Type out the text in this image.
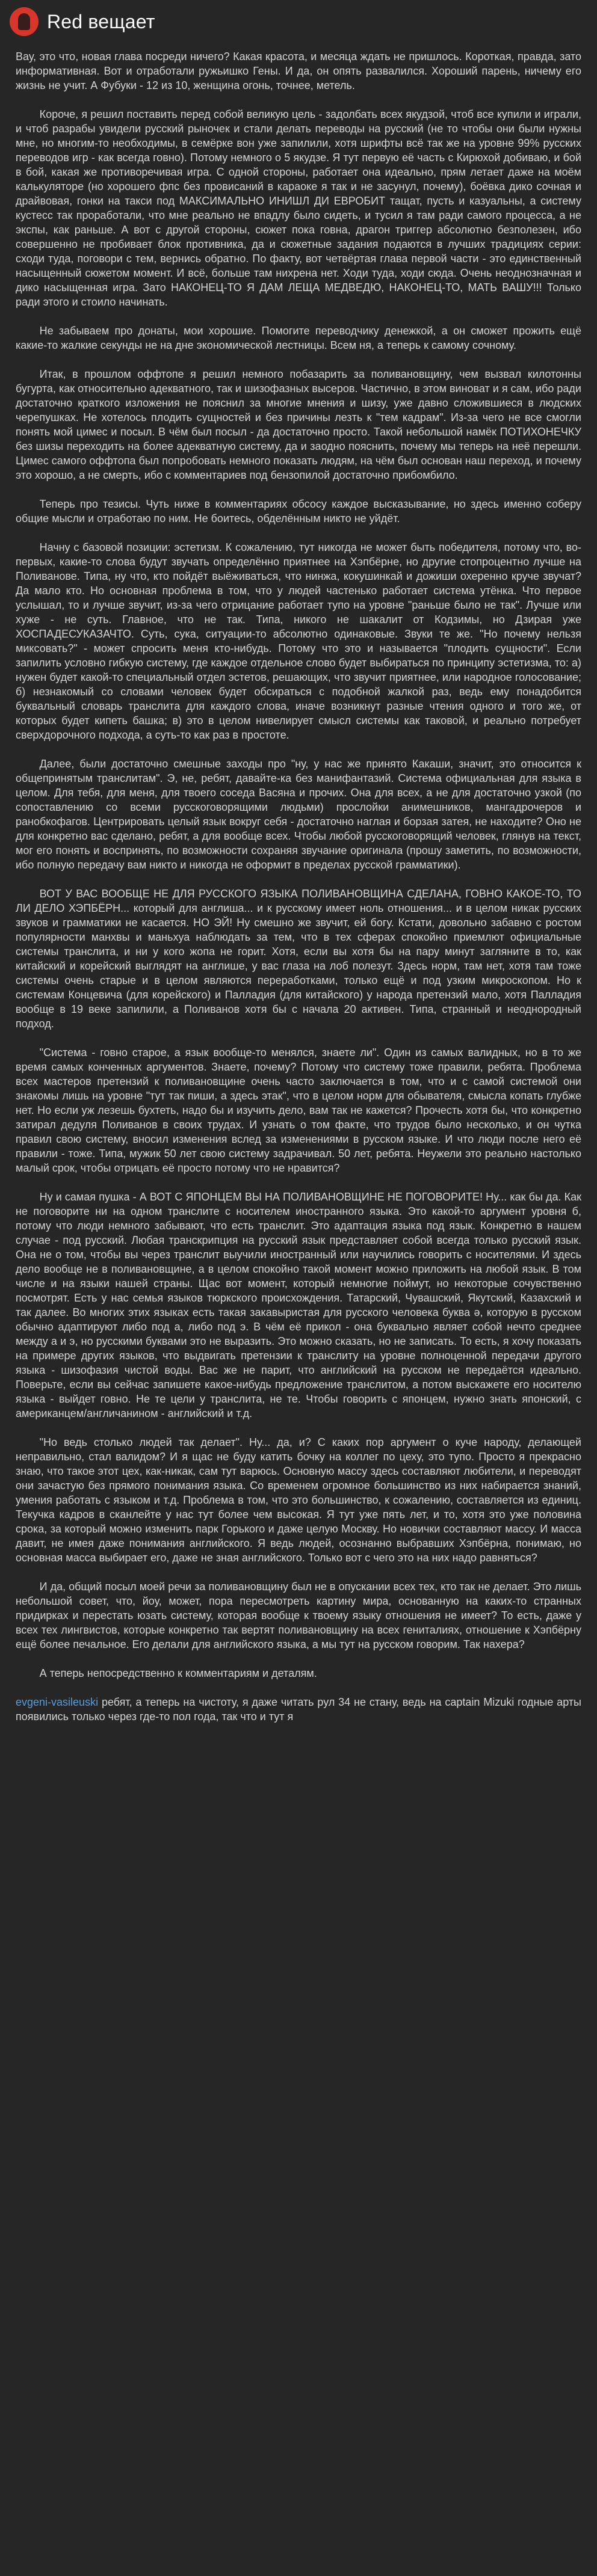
Red вещает

Вау, это что, новая глава посреди ничего? Какая красота, и месяца ждать не пришлось. Короткая, правда, зато информативная. Вот и отработали ружьишко Гены. И да, он опять развалился. Хороший парень, ничему его жизнь не учит. А Фубуки - 12 из 10, женщина огонь, точнее, метель.

Короче, я решил поставить перед собой великую цель - задолбать всех якудзой, чтоб все купили и играли, и чтоб разрабы увидели русский рыночек и стали делать переводы на русский (не то чтобы они были нужны мне, но многим-то необходимы, в семёрке вон уже запилили, хотя шрифты всё так же на уровне 99% русских переводов игр - как всегда говно). Потому немного о 5 якудзе. Я тут первую её часть с Кирюхой добиваю, и бой в бой, какая же противоречивая игра. С одной стороны, работает она идеально, прям летает даже на моём калькуляторе (но хорошего фпс без провисаний в караоке я так и не засунул, почему), боёвка дико сочная и драйвовая, гонки на такси под МАКСИМАЛЬНО ИНИШЛ ДИ ЕВРОБИТ тащат, пусть и казуальны, а систему кустесс так проработали, что мне реально не впадлу было сидеть, и тусил я там ради самого процесса, а не экспы, как раньше. А вот с другой стороны, сюжет пока говна, драгон триггер абсолютно безполезен, ибо совершенно не пробивает блок противника, да и сюжетные задания подаются в лучших традициях серии: сходи туда, поговори с тем, вернись обратно. По факту, вот четвёртая глава первой части - это единственный насыщенный сюжетом момент. И всё, больше там нихрена нет. Ходи туда, ходи сюда. Очень неоднозначная и дико насыщенная игра. Зато НАКОНЕЦ-ТО Я ДАМ ЛЕЩА МЕДВЕДЮ, НАКОНЕЦ-ТО, МАТЬ ВАШУ!!! Только ради этого и стоило начинать.

Не забываем про донаты, мои хорошие. Помогите переводчику денежкой, а он сможет прожить ещё какие-то жалкие секунды не на дне экономической лестницы. Всем ня, а теперь к самому сочному.

Итак, в прошлом оффтопе я решил немного побазарить за поливановщину, чем вызвал килотонны бугурта, как относительно адекватного, так и шизофазных высеров. Частично, в этом виноват и я сам, ибо ради достаточно краткого изложения не пояснил за многие мнения и шизу, уже давно сложившиеся в людских черепушках. Не хотелось плодить сущностей и без причины лезть к "тем кадрам". Из-за чего не все смогли понять мой цимес и посыл. В чём был посыл - да достаточно просто. Такой небольшой намёк ПОТИХОНЕЧКУ без шизы переходить на более адекватную систему, да и заодно пояснить, почему мы теперь на неё перешли. Цимес самого оффтопа был попробовать немного показать людям, на чём был основан наш переход, и почему это хорошо, а не смерть, ибо с комментариев под бензопилой достаточно прибомбило.

Теперь про тезисы. Чуть ниже в комментариях обсосу каждое высказывание, но здесь именно соберу общие мысли и отработаю по ним. Не боитесь, обделённым никто не уйдёт.

Начну с базовой позиции: эстетизм. К сожалению, тут никогда не может быть победителя, потому что, во-первых, какие-то слова будут звучать определённо приятнее на Хэпбёрне, но другие стопроцентно лучше на Поливанове. Типа, ну что, кто пойдёт выёживаться, что нинжа, кокушинкай и дожиши охеренно круче звучат? Да мало кто. Но основная проблема в том, что у людей частенько работает система утёнка. Что первое услышал, то и лучше звучит, из-за чего отрицание работает тупо на уровне "раньше было не так". Лучше или хуже - не суть. Главное, что не так. Типа, никого не шакалит от Кодзимы, но Дзирая уже ХОСПАДЕСУКАЗАЧТО. Суть, сука, ситуации-то абсолютно одинаковые. Звуки те же. "Но почему нельзя миксовать?" - может спросить меня кто-нибудь. Потому что это и называется "плодить сущности". Если запилить условно гибкую систему, где каждое отдельное слово будет выбираться по принципу эстетизма, то: а) нужен будет какой-то специальный отдел эстетов, решающих, что звучит приятнее, или народное голосование; б) незнакомый со словами человек будет обсираться с подобной жалкой раз, ведь ему понадобится буквальный словарь транслита для каждого слова, иначе возникнут разные чтения одного и того же, от которых будет кипеть башка; в) это в целом нивелирует смысл системы как таковой, и реально потребует сверхдорочного подхода, а суть-то как раз в простоте.

Далее, были достаточно смешные заходы про "ну, у нас же принято Какаши, значит, это относится к общепринятым транслитам". Э, не, ребят, давайте-ка без манифантазий. Система официальная для языка в целом. Для тебя, для меня, для твоего соседа Васяна и прочих. Она для всех, а не для достаточно узкой (по сопоставлению со всеми русскоговорящими людьми) прослойки анимешников, мангадрочеров и ранобкофагов. Центрировать целый язык вокруг себя - достаточно наглая и борзая затея, не находите? Оно не для конкретно вас сделано, ребят, а для вообще всех. Чтобы любой русскоговорящий человек, глянув на текст, мог его понять и воспринять, по возможности сохраняя звучание оригинала (прошу заметить, по возможности, ибо полную передачу вам никто и никогда не оформит в пределах русской грамматики).

ВОТ У ВАС ВООБЩЕ НЕ ДЛЯ РУССКОГО ЯЗЫКА ПОЛИВАНОВЩИНА СДЕЛАНА, ГОВНО КАКОЕ-ТО, ТО ЛИ ДЕЛО ХЭПБЁРН... который для англиша... и к русскому имеет ноль отношения... и в целом никак русских звуков и грамматики не касается. НО ЭЙ! Ну смешно же звучит, ей богу. Кстати, довольно забавно с ростом популярности манхвы и маньхуа наблюдать за тем, что в тех сферах спокойно приемлют официальные системы транслита, и ни у кого жопа не горит. Хотя, если вы хотя бы на пару минут загляните в то, как китайский и корейский выглядят на англише, у вас глаза на лоб полезут. Здесь норм, там нет, хотя там тоже системы очень старые и в целом являются переработками, только ещё и под узким микроскопом. Но к системам Концевича (для корейского) и Палладия (для китайского) у народа претензий мало, хотя Палладия вообще в 19 веке запилили, а Поливанов хотя бы с начала 20 активен. Типа, странный и неоднородный подход.

"Система - говно старое, а язык вообще-то менялся, знаете ли". Один из самых валидных, но в то же время самых конченных аргументов. Знаете, почему? Потому что систему тоже правили, ребята. Проблема всех мастеров претензий к поливановщине очень часто заключается в том, что и с самой системой они знакомы лишь на уровне "тут так пиши, а здесь этак", что в целом норм для обывателя, смысла копать глубже нет. Но если уж лезешь бухтеть, надо бы и изучить дело, вам так не кажется? Прочесть хотя бы, что конкретно затирал дедуля Поливанов в своих трудах. И узнать о том факте, что трудов было несколько, и он чутка правил свою систему, вносил изменения вслед за изменениями в русском языке. И что люди после него её правили - тоже. Типа, мужик 50 лет свою систему задрачивал. 50 лет, ребята. Неужели это реально настолько малый срок, чтобы отрицать её просто потому что не нравится?

Ну и самая пушка - А ВОТ С ЯПОНЦЕМ ВЫ НА ПОЛИВАНОВЩИНЕ НЕ ПОГОВОРИТЕ! Ну... как бы да. Как не поговорите ни на одном транслите с носителем иностранного языка. Это какой-то аргумент уровня б, потому что люди немного забывают, что есть транслит. Это адаптация языка под язык. Конкретно в нашем случае - под русский. Любая транскрипция на русский язык представляет собой всегда только русский язык. Она не о том, чтобы вы через транслит выучили иностранный или научились говорить с носителями. И здесь дело вообще не в поливановщине, а в целом спокойно такой момент можно приложить на любой язык. В том числе и на языки нашей страны. Щас вот момент, который немногие поймут, но некоторые сочувственно посмотрят. Есть у нас семья языков тюркского происхождения. Татарский, Чувашский, Якутский, Казахский и так далее. Во многих этих языках есть такая закавыристая для русского человека буква ә, которую в русском обычно адаптируют либо под а, либо под э. В чём её прикол - она буквально являет собой нечто среднее между а и э, но русскими буквами это не выразить. Это можно сказать, но не записать. То есть, я хочу показать на примере других языков, что выдвигать претензии к транслиту на уровне полноценной передачи другого языка - шизофазия чистой воды. Вас же не парит, что английский на русском не передаётся идеально. Поверьте, если вы сейчас запишете какое-нибудь предложение транслитом, а потом выскажете его носителю языка - выйдет говно. Не те цели у транслита, не те. Чтобы говорить с японцем, нужно знать японский, с американцем/англичанином - английский и т.д.

"Но ведь столько людей так делает". Ну... да, и? С каких пор аргумент о куче народу, делающей неправильно, стал валидом? И я щас не буду катить бочку на коллег по цеху, это тупо. Просто я прекрасно знаю, что такое этот цех, как-никак, сам тут варюсь. Основную массу здесь составляют любители, и переводят они зачастую без прямого понимания языка. Со временем огромное большинство из них набирается знаний, умения работать с языком и т.д. Проблема в том, что это большинство, к сожалению, составляется из единиц. Текучка кадров в сканлейте у нас тут более чем высокая. Я тут уже пять лет, и то, хотя это уже половина срока, за который можно изменить парк Горького и даже целую Москву. Но новички составляют массу. И масса давит, не имея даже понимания английского. Я ведь людей, осознанно выбравших Хэпбёрна, понимаю, но основная масса выбирает его, даже не зная английского. Только вот с чего это на них надо равняться?

И да, общий посыл моей речи за поливановщину был не в опускании всех тех, кто так не делает. Это лишь небольшой совет, что, йоу, может, пора пересмотреть картину мира, основанную на каких-то странных придирках и перестать юзать систему, которая вообще к твоему языку отношения не имеет? То есть, даже у всех тех лингвистов, которые конкретно так вертят поливановщину на всех гениталиях, отношение к Хэпбёрну ещё более печальное. Его делали для английского языка, а мы тут на русском говорим. Так нахера?

А теперь непосредственно к комментариям и деталям.

evgeni-vasileuski ребят, а теперь на чистоту, я даже читать рул 34 не стану, ведь на captain Mizuki годные арты появились только через где-то пол года, так что и тут я
